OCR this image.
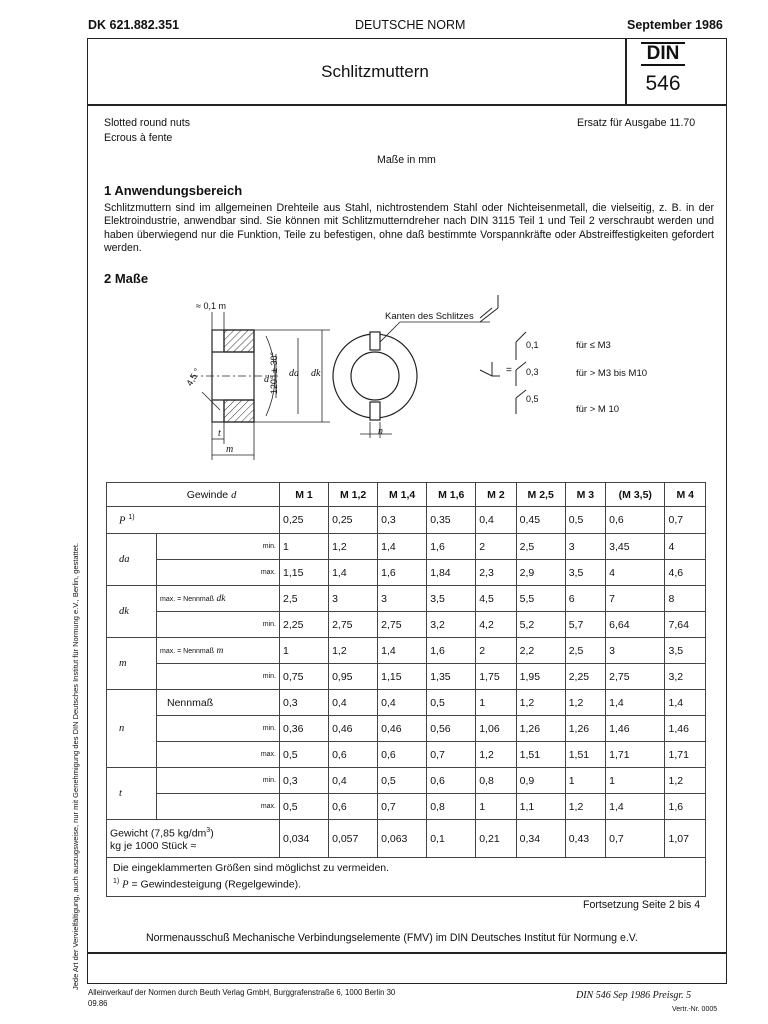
DK 621.882.351	DEUTSCHE NORM	September 1986
Schlitzmuttern
DIN
546
Slotted round nuts
Ecrous à fente
Ersatz für Ausgabe 11.70
Maße in mm
1 Anwendungsbereich
Schlitzmuttern sind im allgemeinen Drehteile aus Stahl, nichtrostendem Stahl oder Nichteisenmetall, die vielseitig, z. B. in der Elektroindustrie, anwendbar sind. Sie können mit Schlitzmutterndreher nach DIN 3115 Teil 1 und Teil 2 verschraubt werden und haben überwiegend nur die Funktion, Teile zu befestigen, ohne daß bestimmte Vorspannkräfte oder Abstreiffestigkeiten gefordert werden.
2 Maße
≈ 0,1 m
4,5 °	120° ± 30°
d
da dk
t
m
n
Kanten des Schlitzes
=
0,1	für ≤ M3
0,3	für > M3 bis M10
0,5
für > M 10
Gewinde d		M 1	M 1,2	M 1,4	M 1,6	M 2	M 2,5	M 3	(M 3,5)	M 4
P $^{1)}$		0,25	0,25	0,3	0,35	0,4	0,45	0,5	0,6	0,7
da	min.	1	1,2	1,4	1,6	2	2,5	3	3,45	4
	max.	1,15	1,4	1,6	1,84	2,3	2,9	3,5	4	4,6
dk	max. = Nennmaß dk	2,5	3	3	3,5	4,5	5,5	6	7	8
	min.	2,25	2,75	2,75	3,2	4,2	5,2	5,7	6,64	7,64
m	max. = Nennmaß m	1	1,2	1,4	1,6	2	2,2	2,5	3	3,5
	min.	0,75	0,95	1,15	1,35	1,75	1,95	2,25	2,75	3,2
n	Nennmaß	0,3	0,4	0,4	0,5	1	1,2	1,2	1,4	1,4
	min.	0,36	0,46	0,46	0,56	1,06	1,26	1,26	1,46	1,46
	max.	0,5	0,6	0,6	0,7	1,2	1,51	1,51	1,71	1,71
t	min.	0,3	0,4	0,5	0,6	0,8	0,9	1	1	1,2
	max.	0,5	0,6	0,7	0,8	1	1,1	1,2	1,4	1,6
Gewicht (7,85 $kg/dm^3$)
kg je 1000 Stück ≈		0,034	0,057	0,063	0,1	0,21	0,34	0,43	0,7	1,07
Die eingeklammerten Größen sind möglichst zu vermeiden.
$^{1)}$ P = Gewindesteigung (Regelgewinde).										
Fortsetzung Seite 2 bis 4
Normenausschuß Mechanische Verbindungselemente (FMV) im DIN Deutsches Institut für Normung e.V.
Jede Art der Vervielfältigung, auch auszugsweise, nur mit Genehmigung des DIN Deutsches Institut für Normung e.V., Berlin, gestattet.
Alleinverkauf der Normen durch Beuth Verlag GmbH, Burggrafenstraße 6, 1000 Berlin 30
09.86
DIN 546 Sep 1986 Preisgr. 5
Vertr.-Nr. 0005
